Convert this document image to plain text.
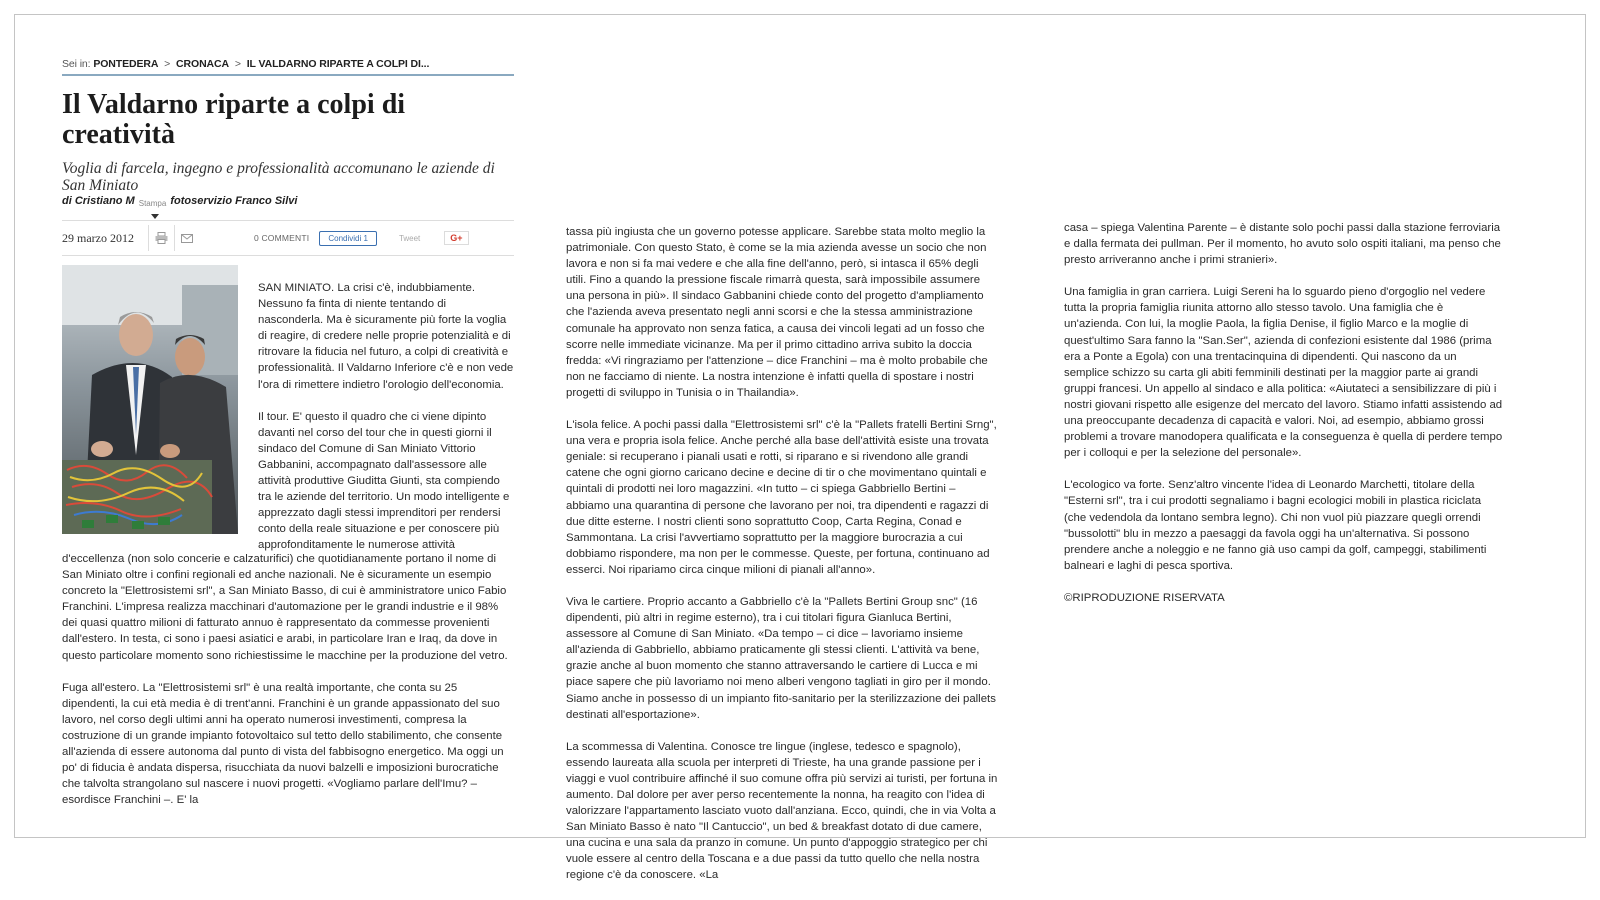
Sei in: PONTEDERA > CRONACA > IL VALDARNO RIPARTE A COLPI DI...
Il Valdarno riparte a colpi di creatività
Voglia di farcela, ingegno e professionalità accomunano le aziende di San Miniato
di Cristiano M Stampa fotoservizio Franco Silvi
29 marzo 2012	0 COMMENTI	Condividi 1	Tweet	G+

SAN MINIATO. La crisi c'è, indubbiamente. Nessuno fa finta di niente tentando di nasconderla. Ma è sicuramente più forte la voglia di reagire, di credere nelle proprie potenzialità e di ritrovare la fiducia nel futuro, a colpi di creatività e professionalità. Il Valdarno Inferiore c'è e non vede l'ora di rimettere indietro l'orologio dell'economia.

Il tour. E' questo il quadro che ci viene dipinto davanti nel corso del tour che in questi giorni il sindaco del Comune di San Miniato Vittorio Gabbanini, accompagnato dall'assessore alle attività produttive Giuditta Giunti, sta compiendo tra le aziende del territorio. Un modo intelligente e apprezzato dagli stessi imprenditori per rendersi conto della reale situazione e per conoscere più approfonditamente le numerose attività

d'eccellenza (non solo concerie e calzaturifici) che quotidianamente portano il nome di San Miniato oltre i confini regionali ed anche nazionali. Ne è sicuramente un esempio concreto la "Elettrosistemi srl", a San Miniato Basso, di cui è amministratore unico Fabio Franchini. L'impresa realizza macchinari d'automazione per le grandi industrie e il 98% dei quasi quattro milioni di fatturato annuo è rappresentato da commesse provenienti dall'estero. In testa, ci sono i paesi asiatici e arabi, in particolare Iran e Iraq, da dove in questo particolare momento sono richiestissime le macchine per la produzione del vetro.

Fuga all'estero. La "Elettrosistemi srl" è una realtà importante, che conta su 25 dipendenti, la cui età media è di trent'anni. Franchini è un grande appassionato del suo lavoro, nel corso degli ultimi anni ha operato numerosi investimenti, compresa la costruzione di un grande impianto fotovoltaico sul tetto dello stabilimento, che consente all'azienda di essere autonoma dal punto di vista del fabbisogno energetico. Ma oggi un po' di fiducia è andata dispersa, risucchiata da nuovi balzelli e imposizioni burocratiche che talvolta strangolano sul nascere i nuovi progetti. «Vogliamo parlare dell'Imu? – esordisce Franchini –. E' la

tassa più ingiusta che un governo potesse applicare. Sarebbe stata molto meglio la patrimoniale. Con questo Stato, è come se la mia azienda avesse un socio che non lavora e non si fa mai vedere e che alla fine dell'anno, però, si intasca il 65% degli utili. Fino a quando la pressione fiscale rimarrà questa, sarà impossibile assumere una persona in più». Il sindaco Gabbanini chiede conto del progetto d'ampliamento che l'azienda aveva presentato negli anni scorsi e che la stessa amministrazione comunale ha approvato non senza fatica, a causa dei vincoli legati ad un fosso che scorre nelle immediate vicinanze. Ma per il primo cittadino arriva subito la doccia fredda: «Vi ringraziamo per l'attenzione – dice Franchini – ma è molto probabile che non ne facciamo di niente. La nostra intenzione è infatti quella di spostare i nostri progetti di sviluppo in Tunisia o in Thailandia».

L'isola felice. A pochi passi dalla "Elettrosistemi srl" c'è la "Pallets fratelli Bertini Srng", una vera e propria isola felice. Anche perché alla base dell'attività esiste una trovata geniale: si recuperano i pianali usati e rotti, si riparano e si rivendono alle grandi catene che ogni giorno caricano decine e decine di tir o che movimentano quintali e quintali di prodotti nei loro magazzini. «In tutto – ci spiega Gabbriello Bertini – abbiamo una quarantina di persone che lavorano per noi, tra dipendenti e ragazzi di due ditte esterne. I nostri clienti sono soprattutto Coop, Carta Regina, Conad e Sammontana. La crisi l'avvertiamo soprattutto per la maggiore burocrazia a cui dobbiamo rispondere, ma non per le commesse. Queste, per fortuna, continuano ad esserci. Noi ripariamo circa cinque milioni di pianali all'anno».

Viva le cartiere. Proprio accanto a Gabbriello c'è la "Pallets Bertini Group snc" (16 dipendenti, più altri in regime esterno), tra i cui titolari figura Gianluca Bertini, assessore al Comune di San Miniato. «Da tempo – ci dice – lavoriamo insieme all'azienda di Gabbriello, abbiamo praticamente gli stessi clienti. L'attività va bene, grazie anche al buon momento che stanno attraversando le cartiere di Lucca e mi piace sapere che più lavoriamo noi meno alberi vengono tagliati in giro per il mondo. Siamo anche in possesso di un impianto fito-sanitario per la sterilizzazione dei pallets destinati all'esportazione».

La scommessa di Valentina. Conosce tre lingue (inglese, tedesco e spagnolo), essendo laureata alla scuola per interpreti di Trieste, ha una grande passione per i viaggi e vuol contribuire affinché il suo comune offra più servizi ai turisti, per fortuna in aumento. Dal dolore per aver perso recentemente la nonna, ha reagito con l'idea di valorizzare l'appartamento lasciato vuoto dall'anziana. Ecco, quindi, che in via Volta a San Miniato Basso è nato "Il Cantuccio", un bed & breakfast dotato di due camere, una cucina e una sala da pranzo in comune. Un punto d'appoggio strategico per chi vuole essere al centro della Toscana e a due passi da tutto quello che nella nostra regione c'è da conoscere. «La

casa – spiega Valentina Parente – è distante solo pochi passi dalla stazione ferroviaria e dalla fermata dei pullman. Per il momento, ho avuto solo ospiti italiani, ma penso che presto arriveranno anche i primi stranieri».

Una famiglia in gran carriera. Luigi Sereni ha lo sguardo pieno d'orgoglio nel vedere tutta la propria famiglia riunita attorno allo stesso tavolo. Una famiglia che è un'azienda. Con lui, la moglie Paola, la figlia Denise, il figlio Marco e la moglie di quest'ultimo Sara fanno la "San.Ser", azienda di confezioni esistente dal 1986 (prima era a Ponte a Egola) con una trentacinquina di dipendenti. Qui nascono da un semplice schizzo su carta gli abiti femminili destinati per la maggior parte ai grandi gruppi francesi. Un appello al sindaco e alla politica: «Aiutateci a sensibilizzare di più i nostri giovani rispetto alle esigenze del mercato del lavoro. Stiamo infatti assistendo ad una preoccupante decadenza di capacità e valori. Noi, ad esempio, abbiamo grossi problemi a trovare manodopera qualificata e la conseguenza è quella di perdere tempo per i colloqui e per la selezione del personale».

L'ecologico va forte. Senz'altro vincente l'idea di Leonardo Marchetti, titolare della "Esterni srl", tra i cui prodotti segnaliamo i bagni ecologici mobili in plastica riciclata (che vedendola da lontano sembra legno). Chi non vuol più piazzare quegli orrendi "bussolotti" blu in mezzo a paesaggi da favola oggi ha un'alternativa. Si possono prendere anche a noleggio e ne fanno già uso campi da golf, campeggi, stabilimenti balneari e laghi di pesca sportiva.

©RIPRODUZIONE RISERVATA
